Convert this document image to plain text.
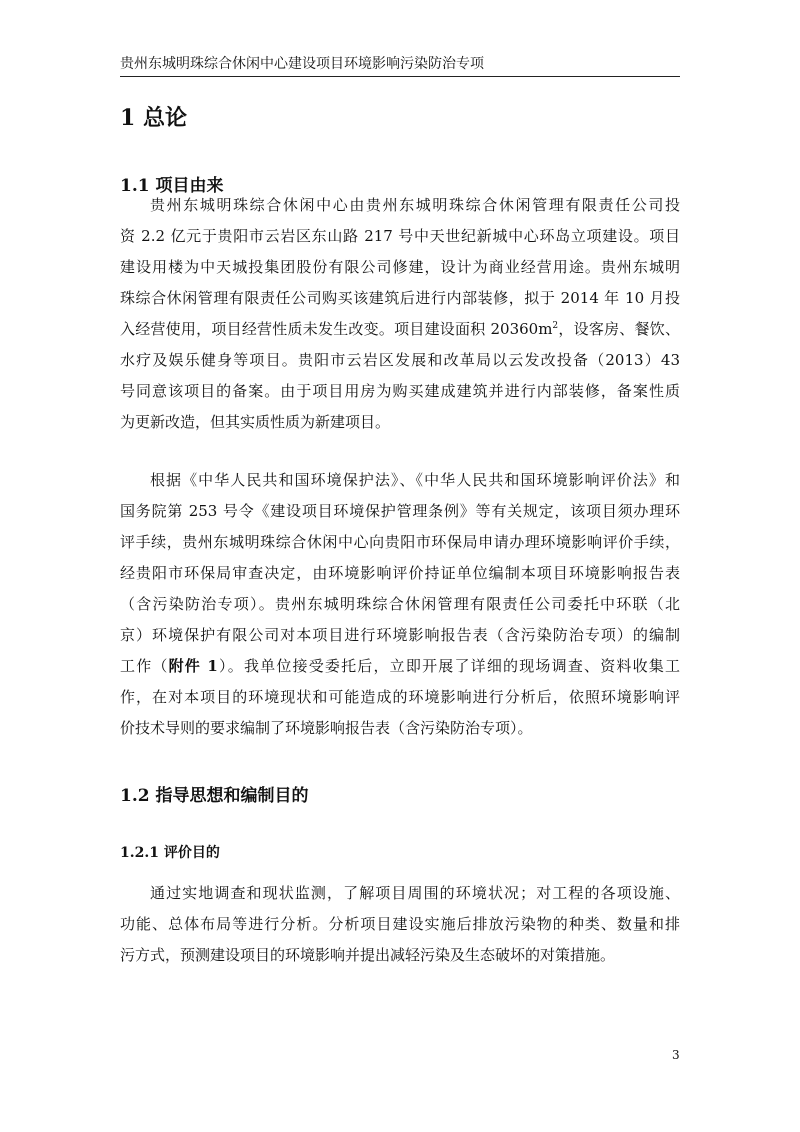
贵州东城明珠综合休闲中心建设项目环境影响污染防治专项
1 总论
1.1 项目由来
贵州东城明珠综合休闲中心由贵州东城明珠综合休闲管理有限责任公司投
资 2.2 亿元于贵阳市云岩区东山路 217 号中天世纪新城中心环岛立项建设。项目
建设用楼为中天城投集团股份有限公司修建，设计为商业经营用途。贵州东城明
珠综合休闲管理有限责任公司购买该建筑后进行内部装修，拟于 2014 年 10 月投
入经营使用，项目经营性质未发生改变。项目建设面积 $20360m^2$，设客房、餐饮、
水疗及娱乐健身等项目。贵阳市云岩区发展和改革局以云发改投备（2013）43
号同意该项目的备案。由于项目用房为购买建成建筑并进行内部装修，备案性质
为更新改造，但其实质性质为新建项目。
根据《中华人民共和国环境保护法》、《中华人民共和国环境影响评价法》和
国务院第 253 号令《建设项目环境保护管理条例》等有关规定，该项目须办理环
评手续，贵州东城明珠综合休闲中心向贵阳市环保局申请办理环境影响评价手续，
经贵阳市环保局审查决定，由环境影响评价持证单位编制本项目环境影响报告表
（含污染防治专项）。贵州东城明珠综合休闲管理有限责任公司委托中环联（北
京）环境保护有限公司对本项目进行环境影响报告表（含污染防治专项）的编制
工作（附件 1）。我单位接受委托后，立即开展了详细的现场调查、资料收集工
作，在对本项目的环境现状和可能造成的环境影响进行分析后，依照环境影响评
价技术导则的要求编制了环境影响报告表（含污染防治专项）。
1.2 指导思想和编制目的
1.2.1 评价目的
通过实地调查和现状监测，了解项目周围的环境状况；对工程的各项设施、
功能、总体布局等进行分析。分析项目建设实施后排放污染物的种类、数量和排
污方式，预测建设项目的环境影响并提出减轻污染及生态破坏的对策措施。
3
